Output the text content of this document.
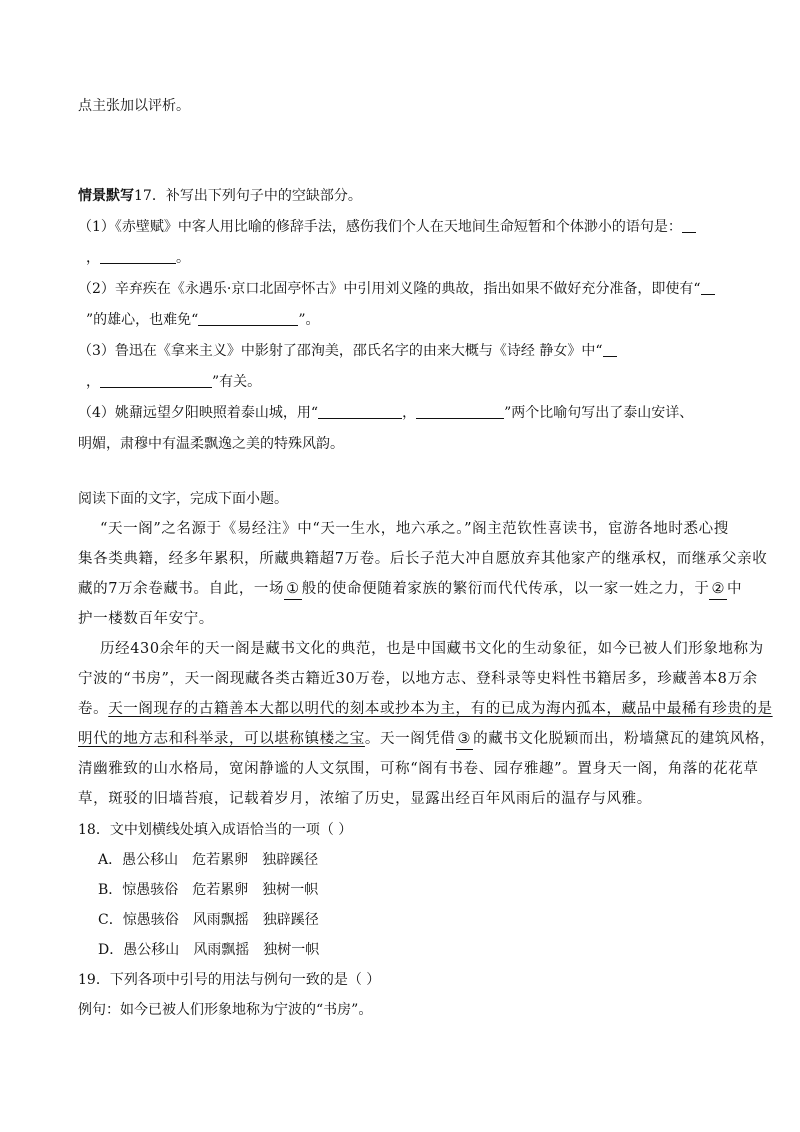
点主张加以评析。
情景默写17．补写出下列句子中的空缺部分。
（1）《赤壁赋》中客人用比喻的修辞手法，感伤我们个人在天地间生命短暂和个体渺小的语句是：
，	。
（2）辛弃疾在《永遇乐·京口北固亭怀古》中引用刘义隆的典故，指出如果不做好充分准备，即使有“
”的雄心，也难免“	”。
（3）鲁迅在《拿来主义》中影射了邵洵美，邵氏名字的由来大概与《诗经 静女》中“
，	”有关。
（4）姚鼐远望夕阳映照着泰山城，用“	，	”两个比喻句写出了泰山安详、
明媚，肃穆中有温柔飘逸之美的特殊风韵。
阅读下面的文字，完成下面小题。
“天一阁”之名源于《易经注》中“天一生水，地六承之。”阁主范钦性喜读书，宦游各地时悉心搜
集各类典籍，经多年累积，所藏典籍超7万卷。后长子范大冲自愿放弃其他家产的继承权，而继承父亲收
藏的7万余卷藏书。自此，一场 ① 般的使命便随着家族的繁衍而代代传承，以一家一姓之力，于 ② 中
护一楼数百年安宁。
历经430余年的天一阁是藏书文化的典范，也是中国藏书文化的生动象征，如今已被人们形象地称为
宁波的“书房”，天一阁现藏各类古籍近30万卷，以地方志、登科录等史料性书籍居多，珍藏善本8万余
卷。天一阁现存的古籍善本大都以明代的刻本或抄本为主，有的已成为海内孤本，藏品中最稀有珍贵的是
明代的地方志和科举录，可以堪称镇楼之宝。天一阁凭借 ③ 的藏书文化脱颖而出，粉墙黛瓦的建筑风格，
清幽雅致的山水格局，宽闲静谧的人文氛围，可称“阁有书卷、园存雅趣”。置身天一阁，角落的花花草
草，斑驳的旧墙苔痕，记载着岁月，浓缩了历史，显露出经百年风雨后的温存与风雅。
18．文中划横线处填入成语恰当的一项（ ）
A．愚公移山 危若累卵 独辟蹊径
B．惊愚骇俗 危若累卵 独树一帜
C．惊愚骇俗 风雨飘摇 独辟蹊径
D．愚公移山 风雨飘摇 独树一帜
19．下列各项中引号的用法与例句一致的是（ ）
例句：如今已被人们形象地称为宁波的“书房”。
